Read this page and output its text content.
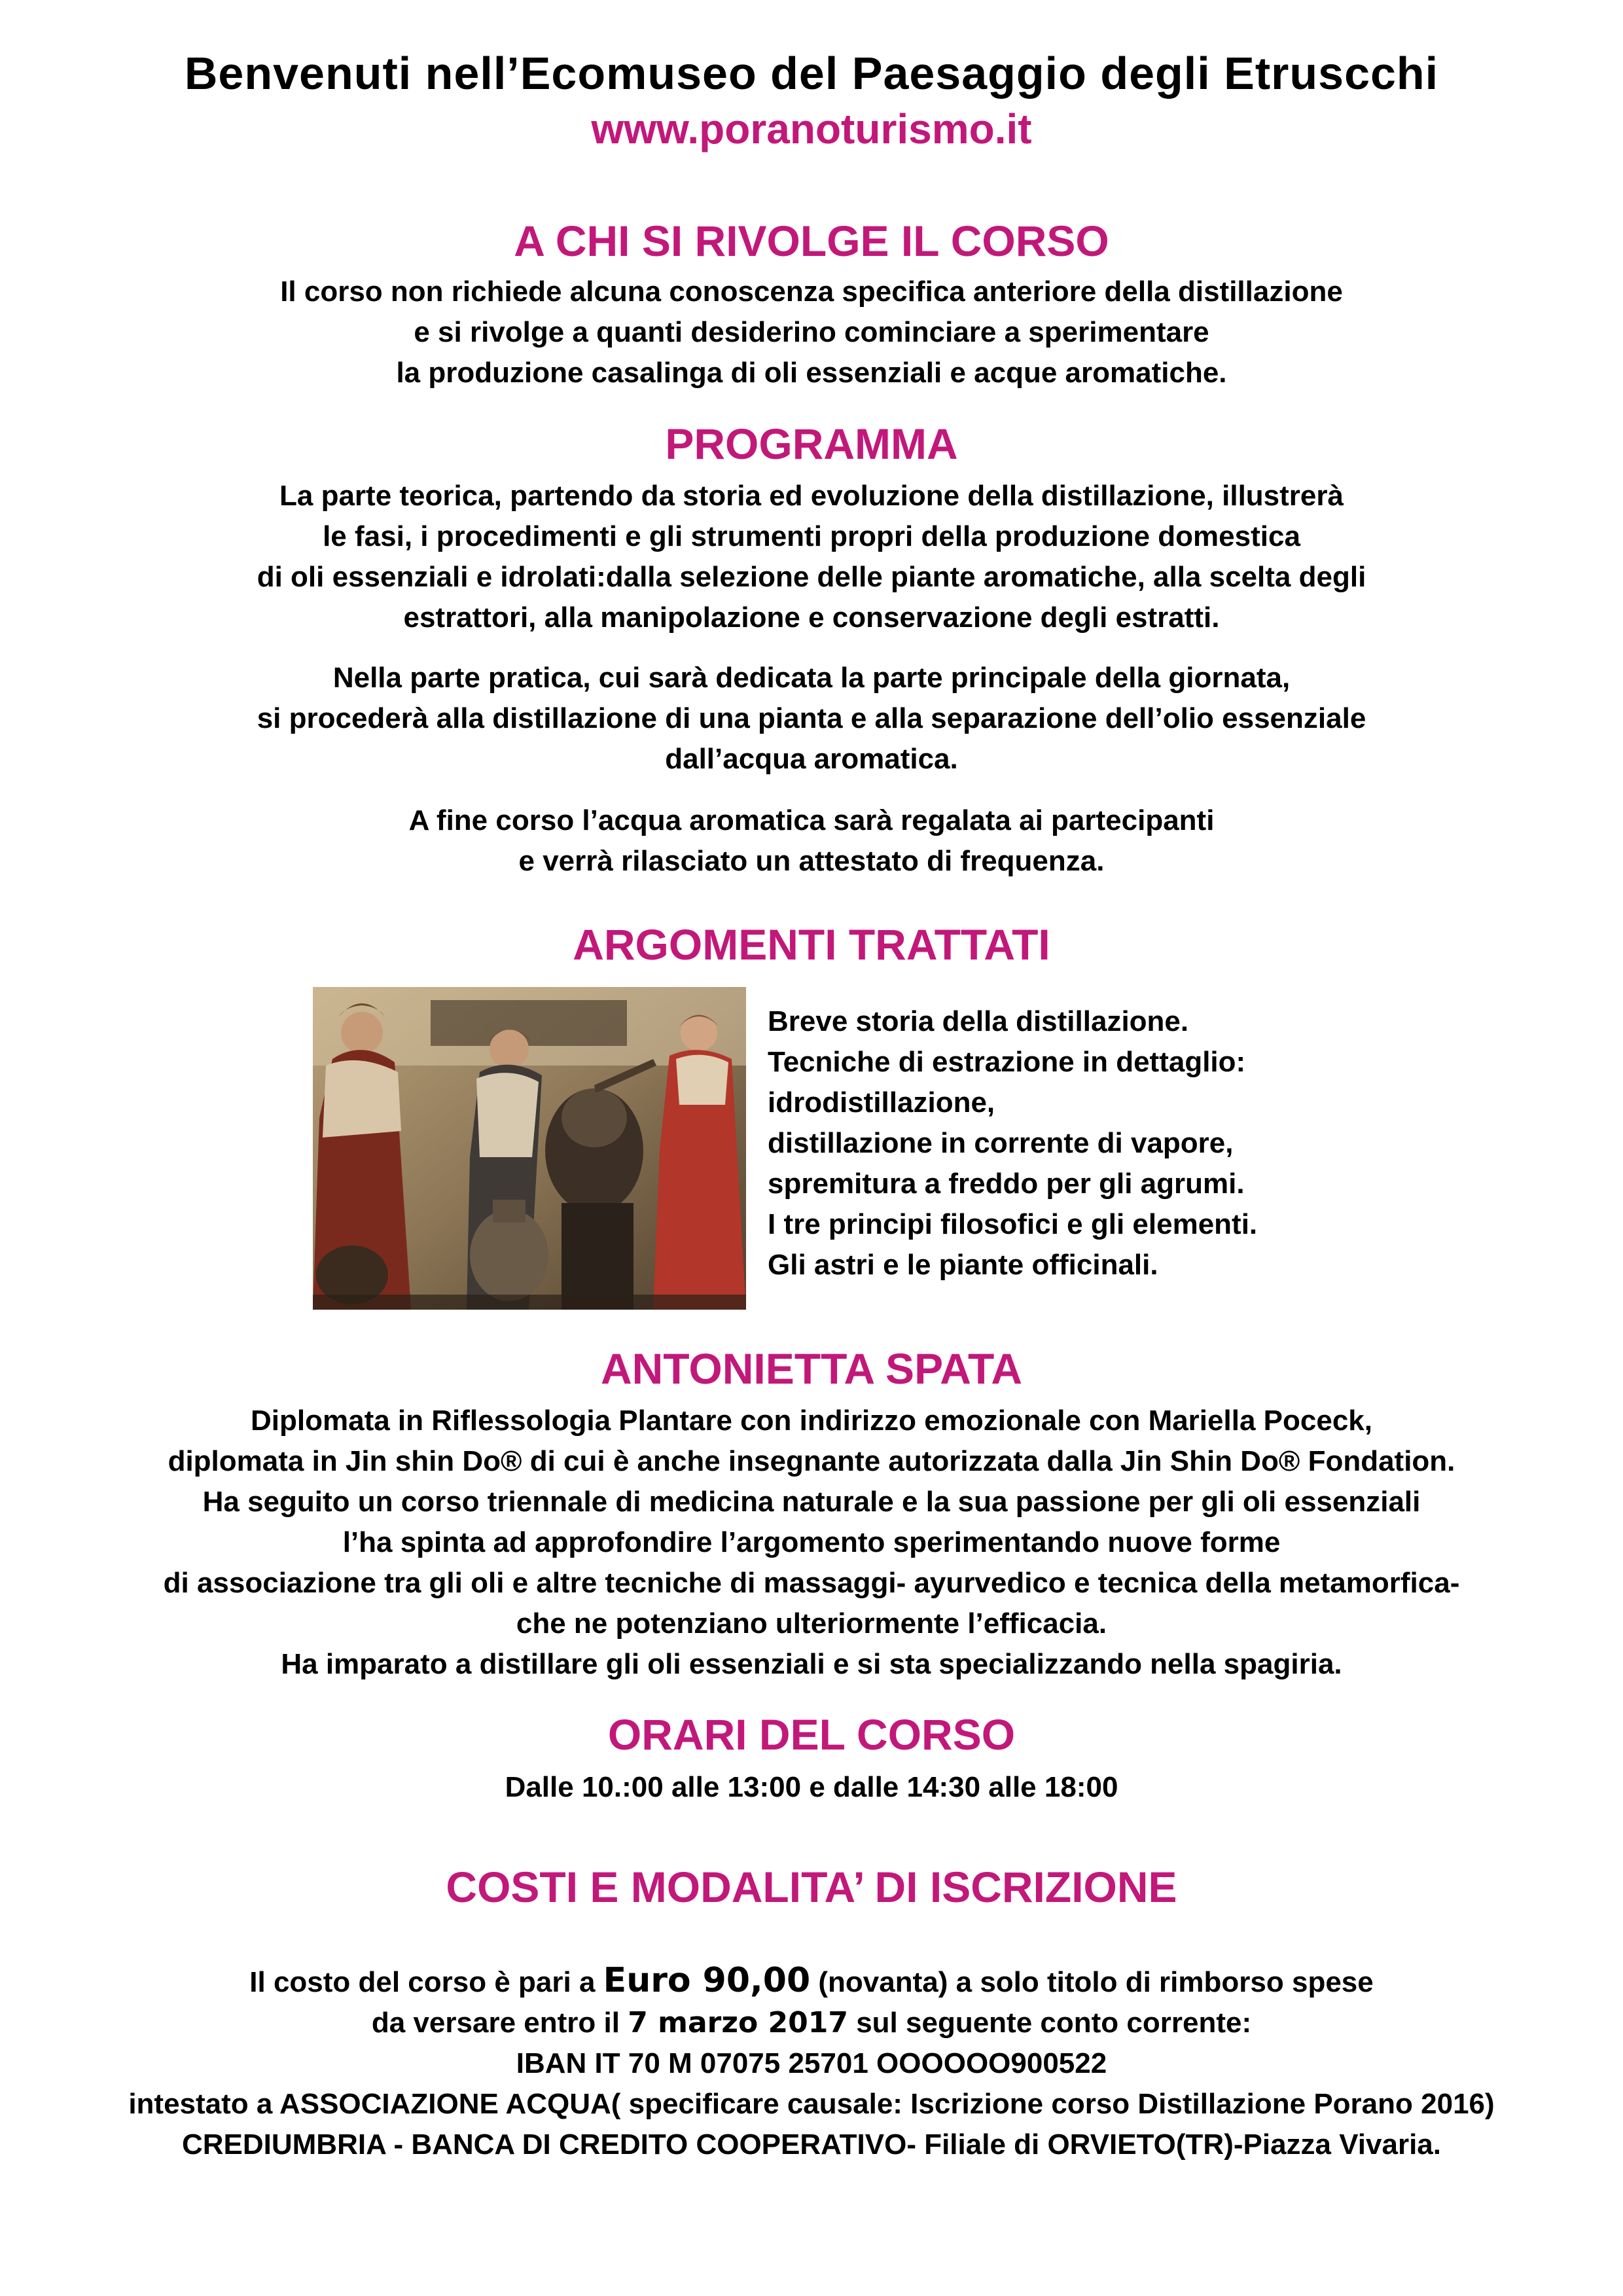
Benvenuti nell’Ecomuseo del Paesaggio degli Etruscchi
www.poranoturismo.it
A CHI SI RIVOLGE IL CORSO
Il corso non richiede alcuna conoscenza specifica anteriore della distillazione
e si rivolge a quanti desiderino cominciare a sperimentare
la produzione casalinga di oli essenziali e acque aromatiche.
PROGRAMMA
La parte teorica, partendo da storia ed evoluzione della distillazione, illustrerà
le fasi, i procedimenti e gli strumenti propri della produzione domestica
di oli essenziali e idrolati:dalla selezione delle piante aromatiche, alla scelta degli
estrattori, alla manipolazione e conservazione degli estratti.
Nella parte pratica, cui sarà dedicata la parte principale della giornata,
si procederà alla distillazione di una pianta e alla separazione dell’olio essenziale
dall’acqua aromatica.
A fine corso l’acqua aromatica sarà regalata ai partecipanti
e verrà rilasciato un attestato di frequenza.
ARGOMENTI TRATTATI
Breve storia della distillazione.
Tecniche di estrazione in dettaglio:
idrodistillazione,
distillazione in corrente di vapore,
spremitura a freddo per gli agrumi.
I tre principi filosofici e gli elementi.
Gli astri e le piante officinali.
ANTONIETTA SPATA
Diplomata in Riflessologia Plantare con indirizzo emozionale con Mariella Poceck,
diplomata in Jin shin Do® di cui è anche insegnante autorizzata dalla Jin Shin Do® Fondation.
Ha seguito un corso triennale di medicina naturale e la sua passione per gli oli essenziali
l’ha spinta ad approfondire l’argomento sperimentando nuove forme
di associazione tra gli oli e altre tecniche di massaggi- ayurvedico e tecnica della metamorfica-
che ne potenziano ulteriormente l’efficacia.
Ha imparato a distillare gli oli essenziali e si sta specializzando nella spagiria.
ORARI DEL CORSO
Dalle 10.:00 alle 13:00 e dalle 14:30 alle 18:00
COSTI E MODALITA’ DI ISCRIZIONE
Il costo del corso è pari a Euro 90,00 (novanta) a solo titolo di rimborso spese
da versare entro il 7 marzo 2017 sul seguente conto corrente:
IBAN IT 70 M 07075 25701 OOOOOO900522
intestato a ASSOCIAZIONE ACQUA( specificare causale: Iscrizione corso Distillazione Porano 2016)
CREDIUMBRIA - BANCA DI CREDITO COOPERATIVO- Filiale di ORVIETO(TR)-Piazza Vivaria.
